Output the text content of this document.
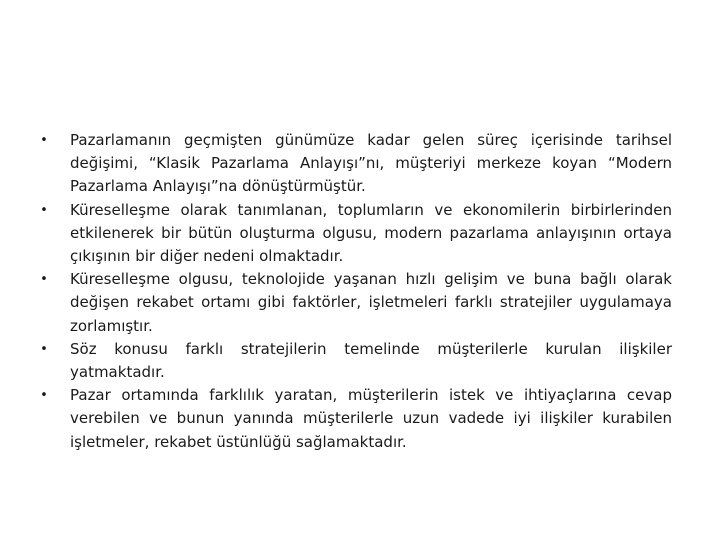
• Pazarlamanın geçmişten günümüze kadar gelen süreç içerisinde tarihsel değişimi, “Klasik Pazarlama Anlayışı”nı, müşteriyi merkeze koyan “Modern Pazarlama Anlayışı”na dönüştürmüştür.
• Küreselleşme olarak tanımlanan, toplumların ve ekonomilerin birbirlerinden etkilenerek bir bütün oluşturma olgusu, modern pazarlama anlayışının ortaya çıkışının bir diğer nedeni olmaktadır.
• Küreselleşme olgusu, teknolojide yaşanan hızlı gelişim ve buna bağlı olarak değişen rekabet ortamı gibi faktörler, işletmeleri farklı stratejiler uygulamaya zorlamıştır.
• Söz konusu farklı stratejilerin temelinde müşterilerle kurulan ilişkiler yatmaktadır.
• Pazar ortamında farklılık yaratan, müşterilerin istek ve ihtiyaçlarına cevap verebilen ve bunun yanında müşterilerle uzun vadede iyi ilişkiler kurabilen işletmeler, rekabet üstünlüğü sağlamaktadır.
